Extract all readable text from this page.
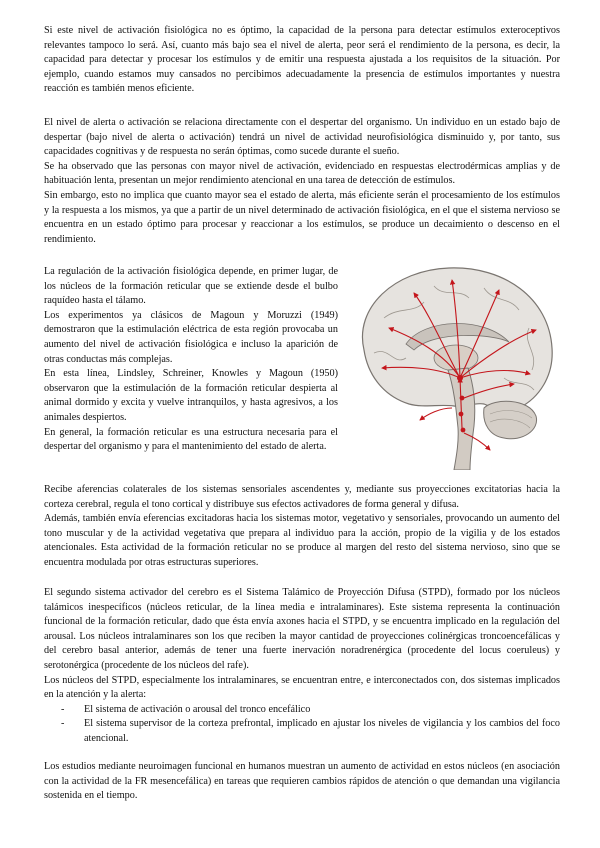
Si este nivel de activación fisiológica no es óptimo, la capacidad de la persona para detectar estímulos exteroceptivos relevantes tampoco lo será. Así, cuanto más bajo sea el nivel de alerta, peor será el rendimiento de la persona, es decir, la capacidad para detectar y procesar los estímulos y de emitir una respuesta ajustada a los requisitos de la situación. Por ejemplo, cuando estamos muy cansados no percibimos adecuadamente la presencia de estímulos importantes y nuestra reacción es también menos eficiente.

El nivel de alerta o activación se relaciona directamente con el despertar del organismo. Un individuo en un estado bajo de despertar (bajo nivel de alerta o activación) tendrá un nivel de actividad neurofisiológica disminuido y, por tanto, sus capacidades cognitivas y de respuesta no serán óptimas, como sucede durante el sueño.

Se ha observado que las personas con mayor nivel de activación, evidenciado en respuestas electrodérmicas amplias y de habituación lenta, presentan un mejor rendimiento atencional en una tarea de detección de estímulos.

Sin embargo, esto no implica que cuanto mayor sea el estado de alerta, más eficiente serán el procesamiento de los estímulos y la respuesta a los mismos, ya que a partir de un nivel determinado de activación fisiológica, en el que el sistema nervioso se encuentra en un estado óptimo para procesar y reaccionar a los estímulos, se produce un decaimiento o descenso en el rendimiento.

La regulación de la activación fisiológica depende, en primer lugar, de los núcleos de la formación reticular que se extiende desde el bulbo raquídeo hasta el tálamo.

Los experimentos ya clásicos de Magoun y Moruzzi (1949) demostraron que la estimulación eléctrica de esta región provocaba un aumento del nivel de activación fisiológica e incluso la aparición de otras conductas más complejas.

En esta línea, Lindsley, Schreiner, Knowles y Magoun (1950) observaron que la estimulación de la formación reticular despierta al animal dormido y excita y vuelve intranquilos, y hasta agresivos, a los animales despiertos.

En general, la formación reticular es una estructura necesaria para el despertar del organismo y para el mantenimiento del estado de alerta.

Recibe aferencias colaterales de los sistemas sensoriales ascendentes y, mediante sus proyecciones excitatorias hacia la corteza cerebral, regula el tono cortical y distribuye sus efectos activadores de forma general y difusa.

Además, también envía eferencias excitadoras hacia los sistemas motor, vegetativo y sensoriales, provocando un aumento del tono muscular y de la actividad vegetativa que prepara al individuo para la acción, propio de la vigilia y de los estados atencionales. Esta actividad de la formación reticular no se produce al margen del resto del sistema nervioso, sino que se encuentra modulada por otras estructuras superiores.

El segundo sistema activador del cerebro es el Sistema Talámico de Proyección Difusa (STPD), formado por los núcleos talámicos inespecíficos (núcleos reticular, de la línea media e intralaminares). Este sistema representa la continuación funcional de la formación reticular, dado que ésta envía axones hacia el STPD, y se encuentra implicado en la regulación del arousal. Los núcleos intralaminares son los que reciben la mayor cantidad de proyecciones colinérgicas troncoencefálicas y del cerebro basal anterior, además de tener una fuerte inervación noradrenérgica (procedente del locus coeruleus) y serotonérgica (procedente de los núcleos del rafe).

Los núcleos del STPD, especialmente los intralaminares, se encuentran entre, e interconectados con, dos sistemas implicados en la atención y la alerta:

- El sistema de activación o arousal del tronco encefálico
- El sistema supervisor de la corteza prefrontal, implicado en ajustar los niveles de vigilancia y los cambios del foco atencional.

Los estudios mediante neuroimagen funcional en humanos muestran un aumento de actividad en estos núcleos (en asociación con la actividad de la FR mesencefálica) en tareas que requieren cambios rápidos de atención o que demandan una vigilancia sostenida en el tiempo.
